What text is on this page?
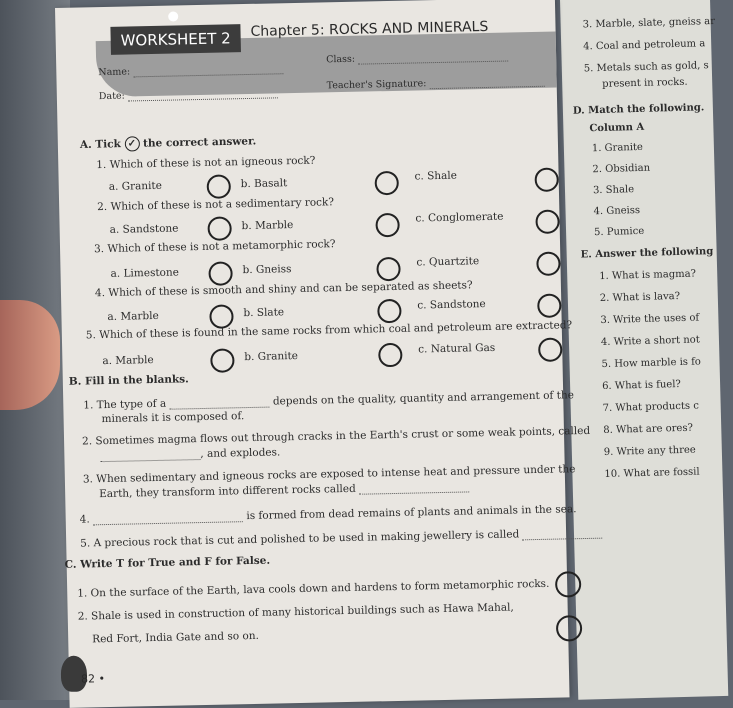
3. Marble, slate, gneiss ar
4. Coal and petroleum a
5. Metals such as gold, s
present in rocks.
D. Match the following.
Column A
1. Granite
2. Obsidian
3. Shale
4. Gneiss
5. Pumice
E. Answer the following
1. What is magma?
2. What is lava?
3. Write the uses of
4. Write a short not
5. How marble is fo
6. What is fuel?
7. What products c
8. What are ores?
9. Write any three
10. What are fossil
WORKSHEET 2	Chapter 5: ROCKS AND MINERALS
Name:
Class:
Date:
Teacher's Signature:
A. Tick ✓ the correct answer.
1. Which of these is not an igneous rock?
a. Granite	b. Basalt
c. Shale
2. Which of these is not a sedimentary rock?
a. Sandstone	b. Marble
c. Conglomerate
3. Which of these is not a metamorphic rock?
a. Limestone	b. Gneiss
c. Quartzite
4. Which of these is smooth and shiny and can be separated as sheets?
a. Marble	b. Slate
c. Sandstone
5. Which of these is found in the same rocks from which coal and petroleum are extracted?
a. Marble	b. Granite
c. Natural Gas
B. Fill in the blanks.
1. The type of a	depends on the quality, quantity and arrangement of the
minerals it is composed of.
2. Sometimes magma flows out through cracks in the Earth's crust or some weak points, called
, and explodes.
3. When sedimentary and igneous rocks are exposed to intense heat and pressure under the
Earth, they transform into different rocks called
4.	is formed from dead remains of plants and animals in the sea.
5. A precious rock that is cut and polished to be used in making jewellery is called
C. Write T for True and F for False.
1. On the surface of the Earth, lava cools down and hardens to form metamorphic rocks.
2. Shale is used in construction of many historical buildings such as Hawa Mahal,
Red Fort, India Gate and so on.
82 •
